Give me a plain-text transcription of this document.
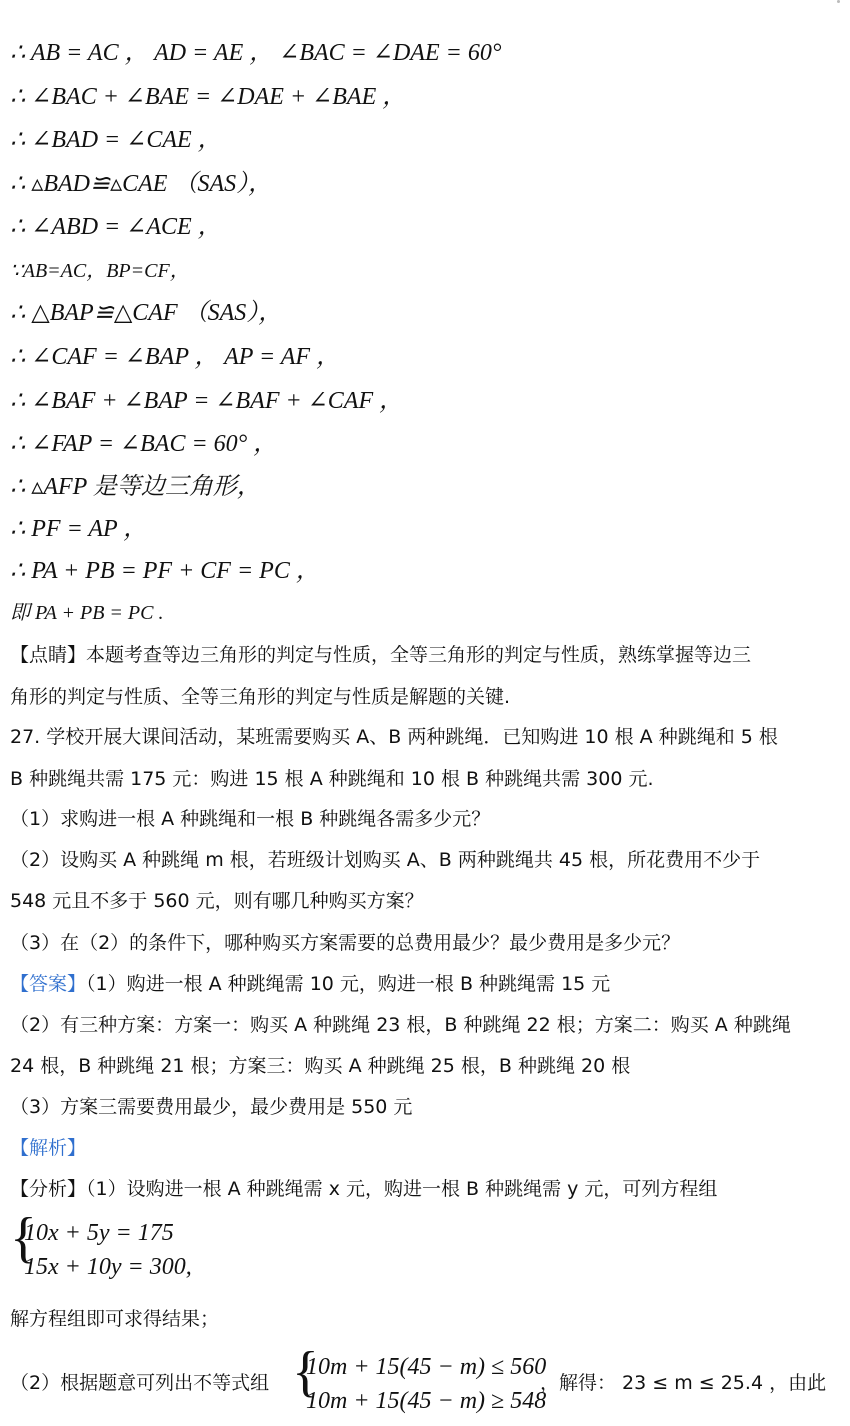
∴ AB = AC ， AD = AE ， ∠BAC = ∠DAE = 60°
∴ ∠BAC + ∠BAE = ∠DAE + ∠BAE ，
∴ ∠BAD = ∠CAE ，
∴ ▵BAD≌▵CAE （SAS），
∴ ∠ABD = ∠ACE ，
∵AB=AC，BP=CF，
∴ △BAP≌△CAF （SAS），
∴ ∠CAF = ∠BAP ， AP = AF ，
∴ ∠BAF + ∠BAP = ∠BAF + ∠CAF ，
∴ ∠FAP = ∠BAC = 60° ，
∴ ▵AFP 是等边三角形，
∴ PF = AP ，
∴ PA + PB = PF + CF = PC ，
即 PA + PB = PC .
【点睛】本题考查等边三角形的判定与性质，全等三角形的判定与性质，熟练掌握等边三
角形的判定与性质、全等三角形的判定与性质是解题的关键.
27. 学校开展大课间活动，某班需要购买 A、B 两种跳绳．已知购进 10 根 A 种跳绳和 5 根
B 种跳绳共需 175 元：购进 15 根 A 种跳绳和 10 根 B 种跳绳共需 300 元.
（1）求购进一根 A 种跳绳和一根 B 种跳绳各需多少元？
（2）设购买 A 种跳绳 m 根，若班级计划购买 A、B 两种跳绳共 45 根，所花费用不少于
548 元且不多于 560 元，则有哪几种购买方案？
（3）在（2）的条件下，哪种购买方案需要的总费用最少？最少费用是多少元？
【答案】（1）购进一根 A 种跳绳需 10 元，购进一根 B 种跳绳需 15 元
（2）有三种方案：方案一：购买 A 种跳绳 23 根，B 种跳绳 22 根；方案二：购买 A 种跳绳
24 根，B 种跳绳 21 根；方案三：购买 A 种跳绳 25 根，B 种跳绳 20 根
（3）方案三需要费用最少，最少费用是 550 元
【解析】
【分析】（1）设购进一根 A 种跳绳需 x 元，购进一根 B 种跳绳需 y 元，可列方程组
{
10x + 5y = 175
15x + 10y = 300,
解方程组即可求得结果；
（2）根据题意可列出不等式组 {
10m + 15(45 − m) ≤ 560
10m + 15(45 − m) ≥ 548
，解得： 23 ≤ m ≤ 25.4 ，由此
